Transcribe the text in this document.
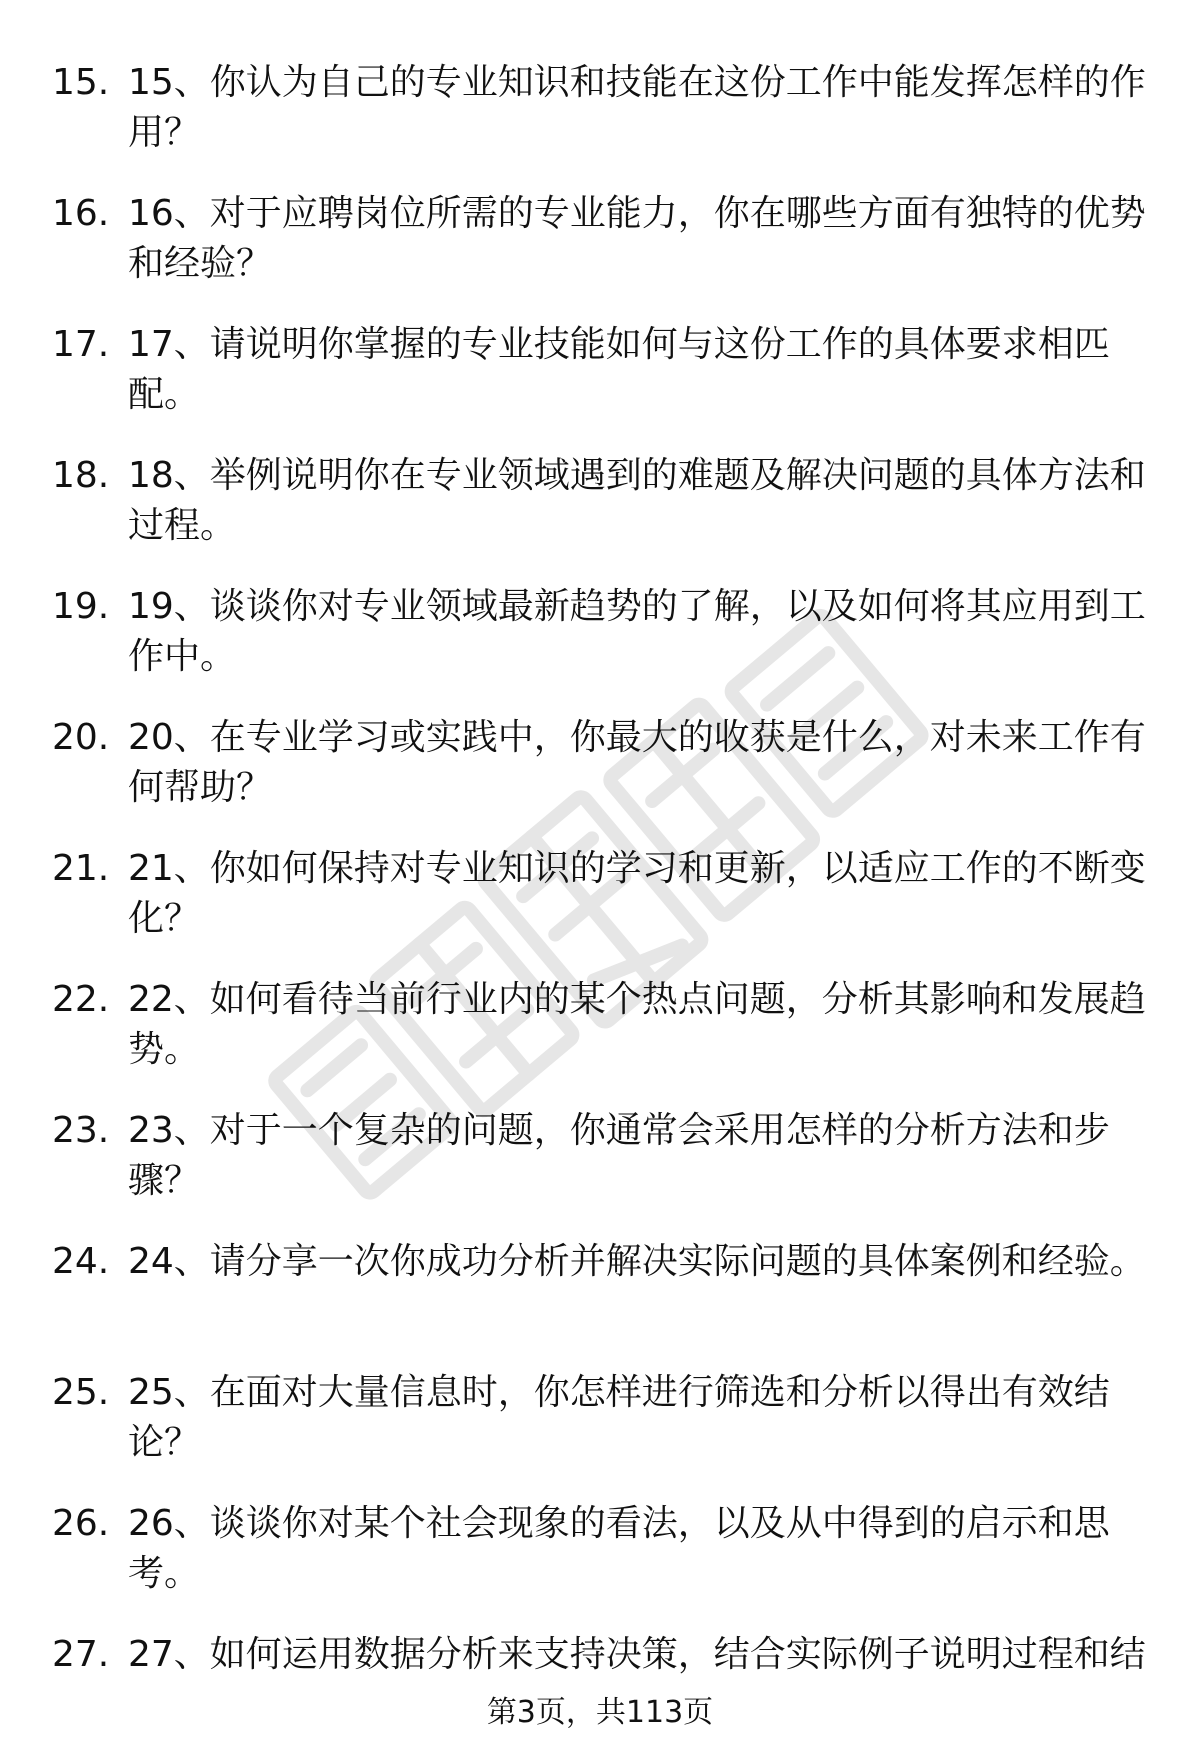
15. 15、你认为自己的专业知识和技能在这份工作中能发挥怎样的作用？
16. 16、对于应聘岗位所需的专业能力，你在哪些方面有独特的优势和经验？
17. 17、请说明你掌握的专业技能如何与这份工作的具体要求相匹配。
18. 18、举例说明你在专业领域遇到的难题及解决问题的具体方法和过程。
19. 19、谈谈你对专业领域最新趋势的了解，以及如何将其应用到工作中。
20. 20、在专业学习或实践中，你最大的收获是什么，对未来工作有何帮助？
21. 21、你如何保持对专业知识的学习和更新，以适应工作的不断变化？
22. 22、如何看待当前行业内的某个热点问题，分析其影响和发展趋势。
23. 23、对于一个复杂的问题，你通常会采用怎样的分析方法和步骤？
24. 24、请分享一次你成功分析并解决实际问题的具体案例和经验。
25. 25、在面对大量信息时，你怎样进行筛选和分析以得出有效结论？
26. 26、谈谈你对某个社会现象的看法，以及从中得到的启示和思考。
27. 27、如何运用数据分析来支持决策，结合实际例子说明过程和结
第3页，共113页
